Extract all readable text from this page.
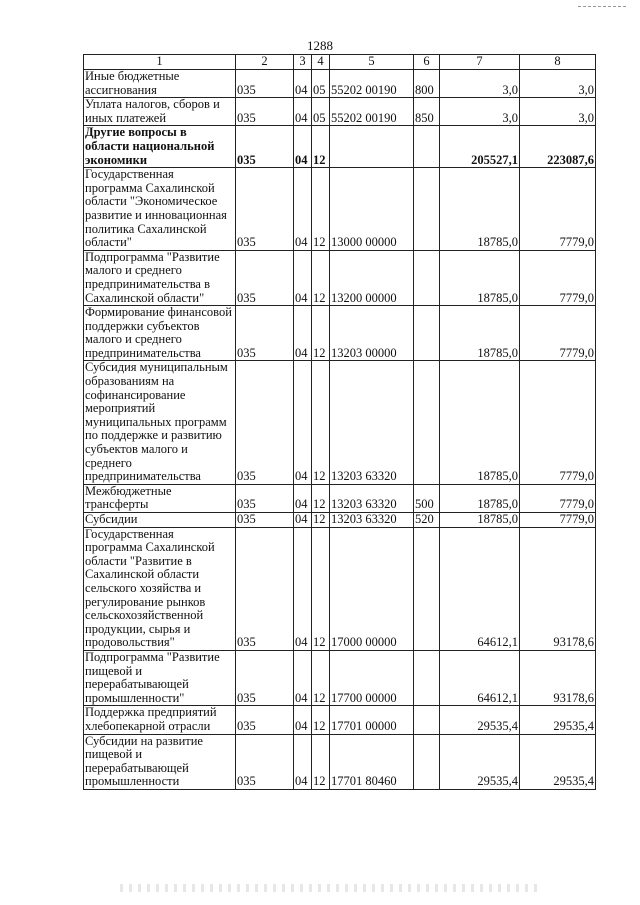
1288
1	2	3	4	5	6	7	8
Иные бюджетные ассигнования	035	04	05	55202 00190	800	3,0	3,0
Уплата налогов, сборов и иных платежей	035	04	05	55202 00190	850	3,0	3,0
Другие вопросы в области национальной экономики	035	04	12			205527,1	223087,6
Государственная программа Сахалинской области "Экономическое развитие и инновационная политика Сахалинской области"	035	04	12	13000 00000		18785,0	7779,0
Подпрограмма "Развитие малого и среднего предпринимательства в Сахалинской области"	035	04	12	13200 00000		18785,0	7779,0
Формирование финансовой поддержки субъектов малого и среднего предпринимательства	035	04	12	13203 00000		18785,0	7779,0
Субсидия муниципальным образованиям на софинансирование мероприятий муниципальных программ по поддержке и развитию субъектов малого и среднего предпринимательства	035	04	12	13203 63320		18785,0	7779,0
Межбюджетные трансферты	035	04	12	13203 63320	500	18785,0	7779,0
Субсидии	035	04	12	13203 63320	520	18785,0	7779,0
Государственная программа Сахалинской области "Развитие в Сахалинской области сельского хозяйства и регулирование рынков сельскохозяйственной продукции, сырья и продовольствия"	035	04	12	17000 00000		64612,1	93178,6
Подпрограмма "Развитие пищевой и перерабатывающей промышленности"	035	04	12	17700 00000		64612,1	93178,6
Поддержка предприятий хлебопекарной отрасли	035	04	12	17701 00000		29535,4	29535,4
Субсидии на развитие пищевой и перерабатывающей промышленности	035	04	12	17701 80460		29535,4	29535,4
